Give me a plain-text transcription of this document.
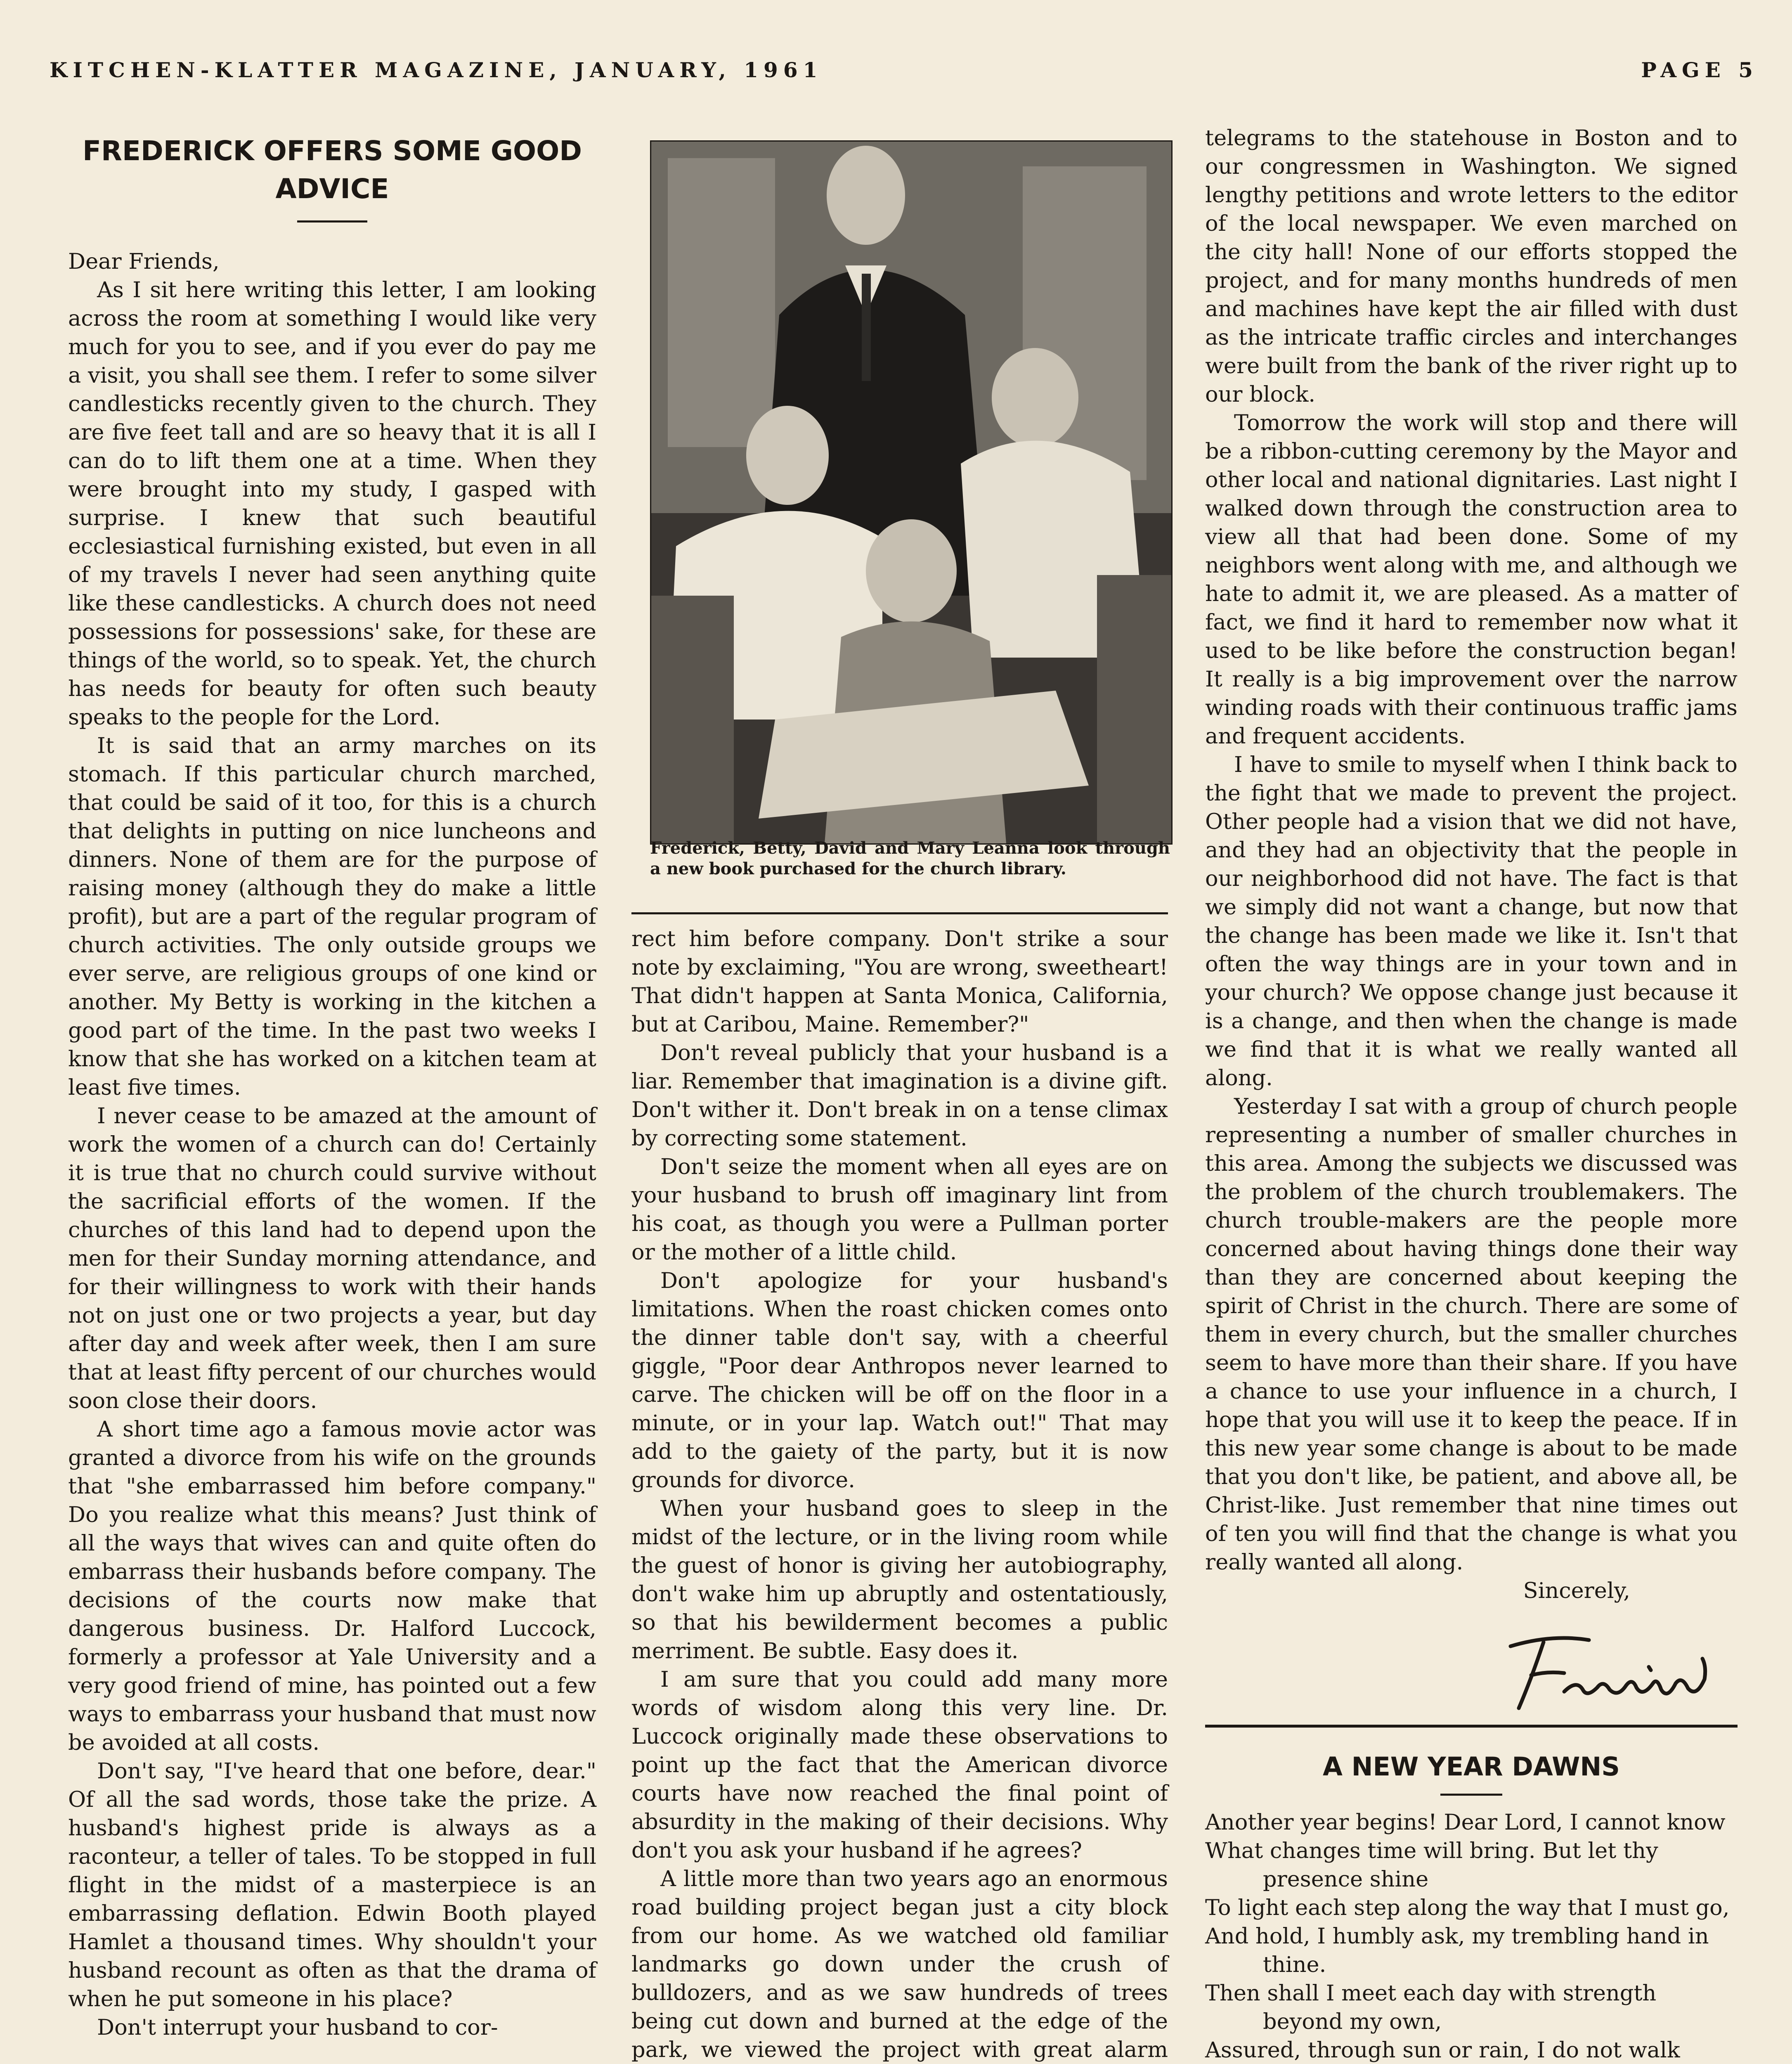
KITCHEN-KLATTER MAGAZINE, JANUARY, 1961	PAGE 5
FREDERICK OFFERS SOME GOOD ADVICE

Dear Friends,

As I sit here writing this letter, I am looking across the room at something I would like very much for you to see, and if you ever do pay me a visit, you shall see them. I refer to some silver candlesticks recently given to the church. They are five feet tall and are so heavy that it is all I can do to lift them one at a time. When they were brought into my study, I gasped with surprise. I knew that such beautiful ecclesiastical furnishing existed, but even in all of my travels I never had seen anything quite like these candlesticks. A church does not need possessions for possessions' sake, for these are things of the world, so to speak. Yet, the church has needs for beauty for often such beauty speaks to the people for the Lord.

It is said that an army marches on its stomach. If this particular church marched, that could be said of it too, for this is a church that delights in putting on nice luncheons and dinners. None of them are for the purpose of raising money (although they do make a little profit), but are a part of the regular program of church activities. The only outside groups we ever serve, are religious groups of one kind or another. My Betty is working in the kitchen a good part of the time. In the past two weeks I know that she has worked on a kitchen team at least five times.

I never cease to be amazed at the amount of work the women of a church can do! Certainly it is true that no church could survive without the sacrificial efforts of the women. If the churches of this land had to depend upon the men for their Sunday morning attendance, and for their willingness to work with their hands not on just one or two projects a year, but day after day and week after week, then I am sure that at least fifty percent of our churches would soon close their doors.

A short time ago a famous movie actor was granted a divorce from his wife on the grounds that "she embarrassed him before company." Do you realize what this means? Just think of all the ways that wives can and quite often do embarrass their husbands before company. The decisions of the courts now make that dangerous business. Dr. Halford Luccock, formerly a professor at Yale University and a very good friend of mine, has pointed out a few ways to embarrass your husband that must now be avoided at all costs.

Don't say, "I've heard that one before, dear." Of all the sad words, those take the prize. A husband's highest pride is always as a raconteur, a teller of tales. To be stopped in full flight in the midst of a masterpiece is an embarrassing deflation. Edwin Booth played Hamlet a thousand times. Why shouldn't your husband recount as often as that the drama of when he put someone in his place?

Don't interrupt your husband to cor-

Frederick, Betty, David and Mary Leanna look through a new book purchased for the church library.

rect him before company. Don't strike a sour note by exclaiming, "You are wrong, sweetheart! That didn't happen at Santa Monica, California, but at Caribou, Maine. Remember?"

Don't reveal publicly that your husband is a liar. Remember that imagination is a divine gift. Don't wither it. Don't break in on a tense climax by correcting some statement.

Don't seize the moment when all eyes are on your husband to brush off imaginary lint from his coat, as though you were a Pullman porter or the mother of a little child.

Don't apologize for your husband's limitations. When the roast chicken comes onto the dinner table don't say, with a cheerful giggle, "Poor dear Anthropos never learned to carve. The chicken will be off on the floor in a minute, or in your lap. Watch out!" That may add to the gaiety of the party, but it is now grounds for divorce.

When your husband goes to sleep in the midst of the lecture, or in the living room while the guest of honor is giving her autobiography, don't wake him up abruptly and ostentatiously, so that his bewilderment becomes a public merriment. Be subtle. Easy does it.

I am sure that you could add many more words of wisdom along this very line. Dr. Luccock originally made these observations to point up the fact that the American divorce courts have now reached the final point of absurdity in the making of their decisions. Why don't you ask your husband if he agrees?

A little more than two years ago an enormous road building project began just a city block from our home. As we watched old familiar landmarks go down under the crush of bulldozers, and as we saw hundreds of trees being cut down and burned at the edge of the park, we viewed the project with great alarm

telegrams to the statehouse in Boston and to our congressmen in Washington. We signed lengthy petitions and wrote letters to the editor of the local newspaper. We even marched on the city hall! None of our efforts stopped the project, and for many months hundreds of men and machines have kept the air filled with dust as the intricate traffic circles and interchanges were built from the bank of the river right up to our block.

Tomorrow the work will stop and there will be a ribbon-cutting ceremony by the Mayor and other local and national dignitaries. Last night I walked down through the construction area to view all that had been done. Some of my neighbors went along with me, and although we hate to admit it, we are pleased. As a matter of fact, we find it hard to remember now what it used to be like before the construction began! It really is a big improvement over the narrow winding roads with their continuous traffic jams and frequent accidents.

I have to smile to myself when I think back to the fight that we made to prevent the project. Other people had a vision that we did not have, and they had an objectivity that the people in our neighborhood did not have. The fact is that we simply did not want a change, but now that the change has been made we like it. Isn't that often the way things are in your town and in your church? We oppose change just because it is a change, and then when the change is made we find that it is what we really wanted all along.

Yesterday I sat with a group of church people representing a number of smaller churches in this area. Among the subjects we discussed was the problem of the church troublemakers. The church trouble-makers are the people more concerned about having things done their way than they are concerned about keeping the spirit of Christ in the church. There are some of them in every church, but the smaller churches seem to have more than their share. If you have a chance to use your influence in a church, I hope that you will use it to keep the peace. If in this new year some change is about to be made that you don't like, be patient, and above all, be Christ-like. Just remember that nine times out of ten you will find that the change is what you really wanted all along.

Sincerely,

A NEW YEAR DAWNS

Another year begins! Dear Lord, I cannot know

What changes time will bring. But let thy presence shine

To light each step along the way that I must go,

And hold, I humbly ask, my trembling hand in thine.

Then shall I meet each day with strength beyond my own,

Assured, through sun or rain, I do not walk
